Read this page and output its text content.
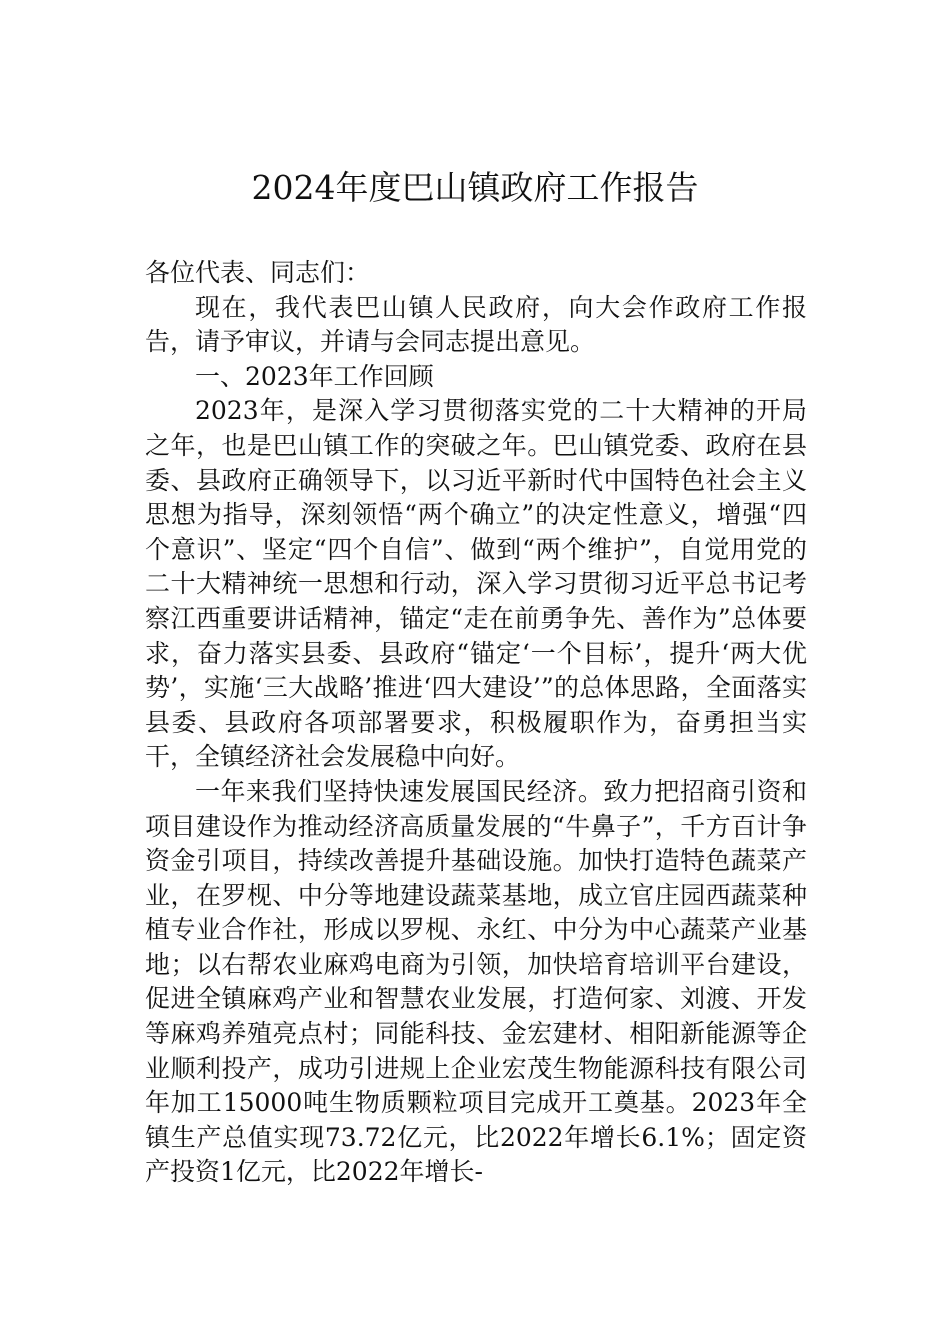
2024年度巴山镇政府工作报告

各位代表、同志们：

现在，我代表巴山镇人民政府，向大会作政府工作报告，请予审议，并请与会同志提出意见。

一、2023年工作回顾

2023年，是深入学习贯彻落实党的二十大精神的开局之年，也是巴山镇工作的突破之年。巴山镇党委、政府在县委、县政府正确领导下，以习近平新时代中国特色社会主义思想为指导，深刻领悟“两个确立”的决定性意义，增强“四个意识”、坚定“四个自信”、做到“两个维护”，自觉用党的二十大精神统一思想和行动，深入学习贯彻习近平总书记考察江西重要讲话精神，锚定“走在前勇争先、善作为”总体要求，奋力落实县委、县政府“锚定‘一个目标’，提升‘两大优势’，实施‘三大战略’推进‘四大建设’”的总体思路，全面落实县委、县政府各项部署要求，积极履职作为，奋勇担当实干，全镇经济社会发展稳中向好。

一年来我们坚持快速发展国民经济。致力把招商引资和项目建设作为推动经济高质量发展的“牛鼻子”，千方百计争资金引项目，持续改善提升基础设施。加快打造特色蔬菜产业，在罗枧、中分等地建设蔬菜基地，成立官庄园西蔬菜种植专业合作社，形成以罗枧、永红、中分为中心蔬菜产业基地；以右帮农业麻鸡电商为引领，加快培育培训平台建设，促进全镇麻鸡产业和智慧农业发展，打造何家、刘渡、开发等麻鸡养殖亮点村；同能科技、金宏建材、相阳新能源等企业顺利投产，成功引进规上企业宏茂生物能源科技有限公司年加工15000吨生物质颗粒项目完成开工奠基。2023年全镇生产总值实现73.72亿元，比2022年增长6.1%；固定资产投资1亿元，比2022年增长-
